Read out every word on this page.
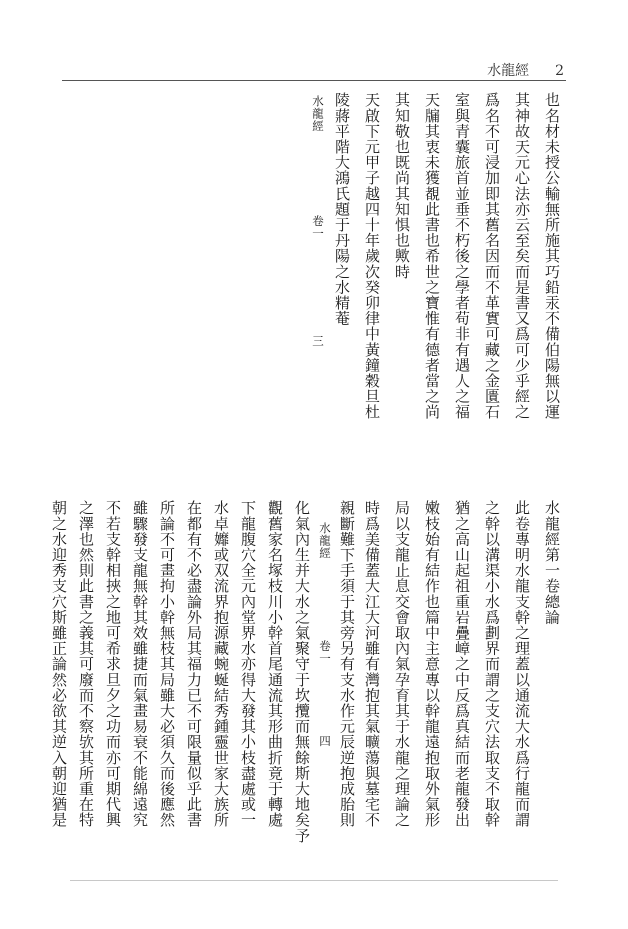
水龍經 2
也名材未授公輸無所施其巧鉛汞不備伯陽無以運
其神故天元心法亦云至矣而是書又爲可少乎經之
爲名不可浸加即其舊名因而不革實可藏之金匱石
室與青囊旅首並垂不朽後之學者苟非有遇人之福
天牖其衷未獲覩此書也希世之寶惟有德者當之尚
其知敬也既尚其知惧也歟時
天啟下元甲子越四十年歲次癸卯律中黃鐘穀旦杜
陵蔣平階大鴻氏題于丹陽之水精菴
水龍經
卷一
三
水龍經第一卷總論
此卷專明水龍支幹之理蓋以通流大水爲行龍而謂
之幹以溝渠小水爲劃界而謂之支穴法取支不取幹
猶之高山起祖重岩疊嶂之中反爲真結而老龍發出
嫩枝始有結作也篇中主意專以幹龍遠抱取外氣形
局以支龍止息交會取內氣孕育其于水龍之理論之
時爲美備蓋大江大河雖有灣抱其氣曠蕩與墓宅不
親斷難下手須于其旁另有支水作元辰逆抱成胎則
水龍經
卷一
四
化氣內生并大水之氣聚守于坎攬而無餘斯大地矣予
觀舊家名塚枝川小幹首尾通流其形曲折竟于轉處
下龍腹穴全元內堂界水亦得大發其小枝盡處或一
水卓孊或双流界抱源藏蜿蜒結秀鍾靈世家大族所
在都有不必盡論外局其福力已不可限量似乎此書
所論不可畫拘小幹無枝其局雖大必須久而後應然
雖驟發支龍無幹其效雖捷而氣畫易衰不能綿遠究
不若支幹相挾之地可希求旦夕之功而亦可期代興
之澤也然則此書之義其可廢而不察欤其所重在特
朝之水迎秀支穴斯雖正論然必欲其逆入朝迎猶是
